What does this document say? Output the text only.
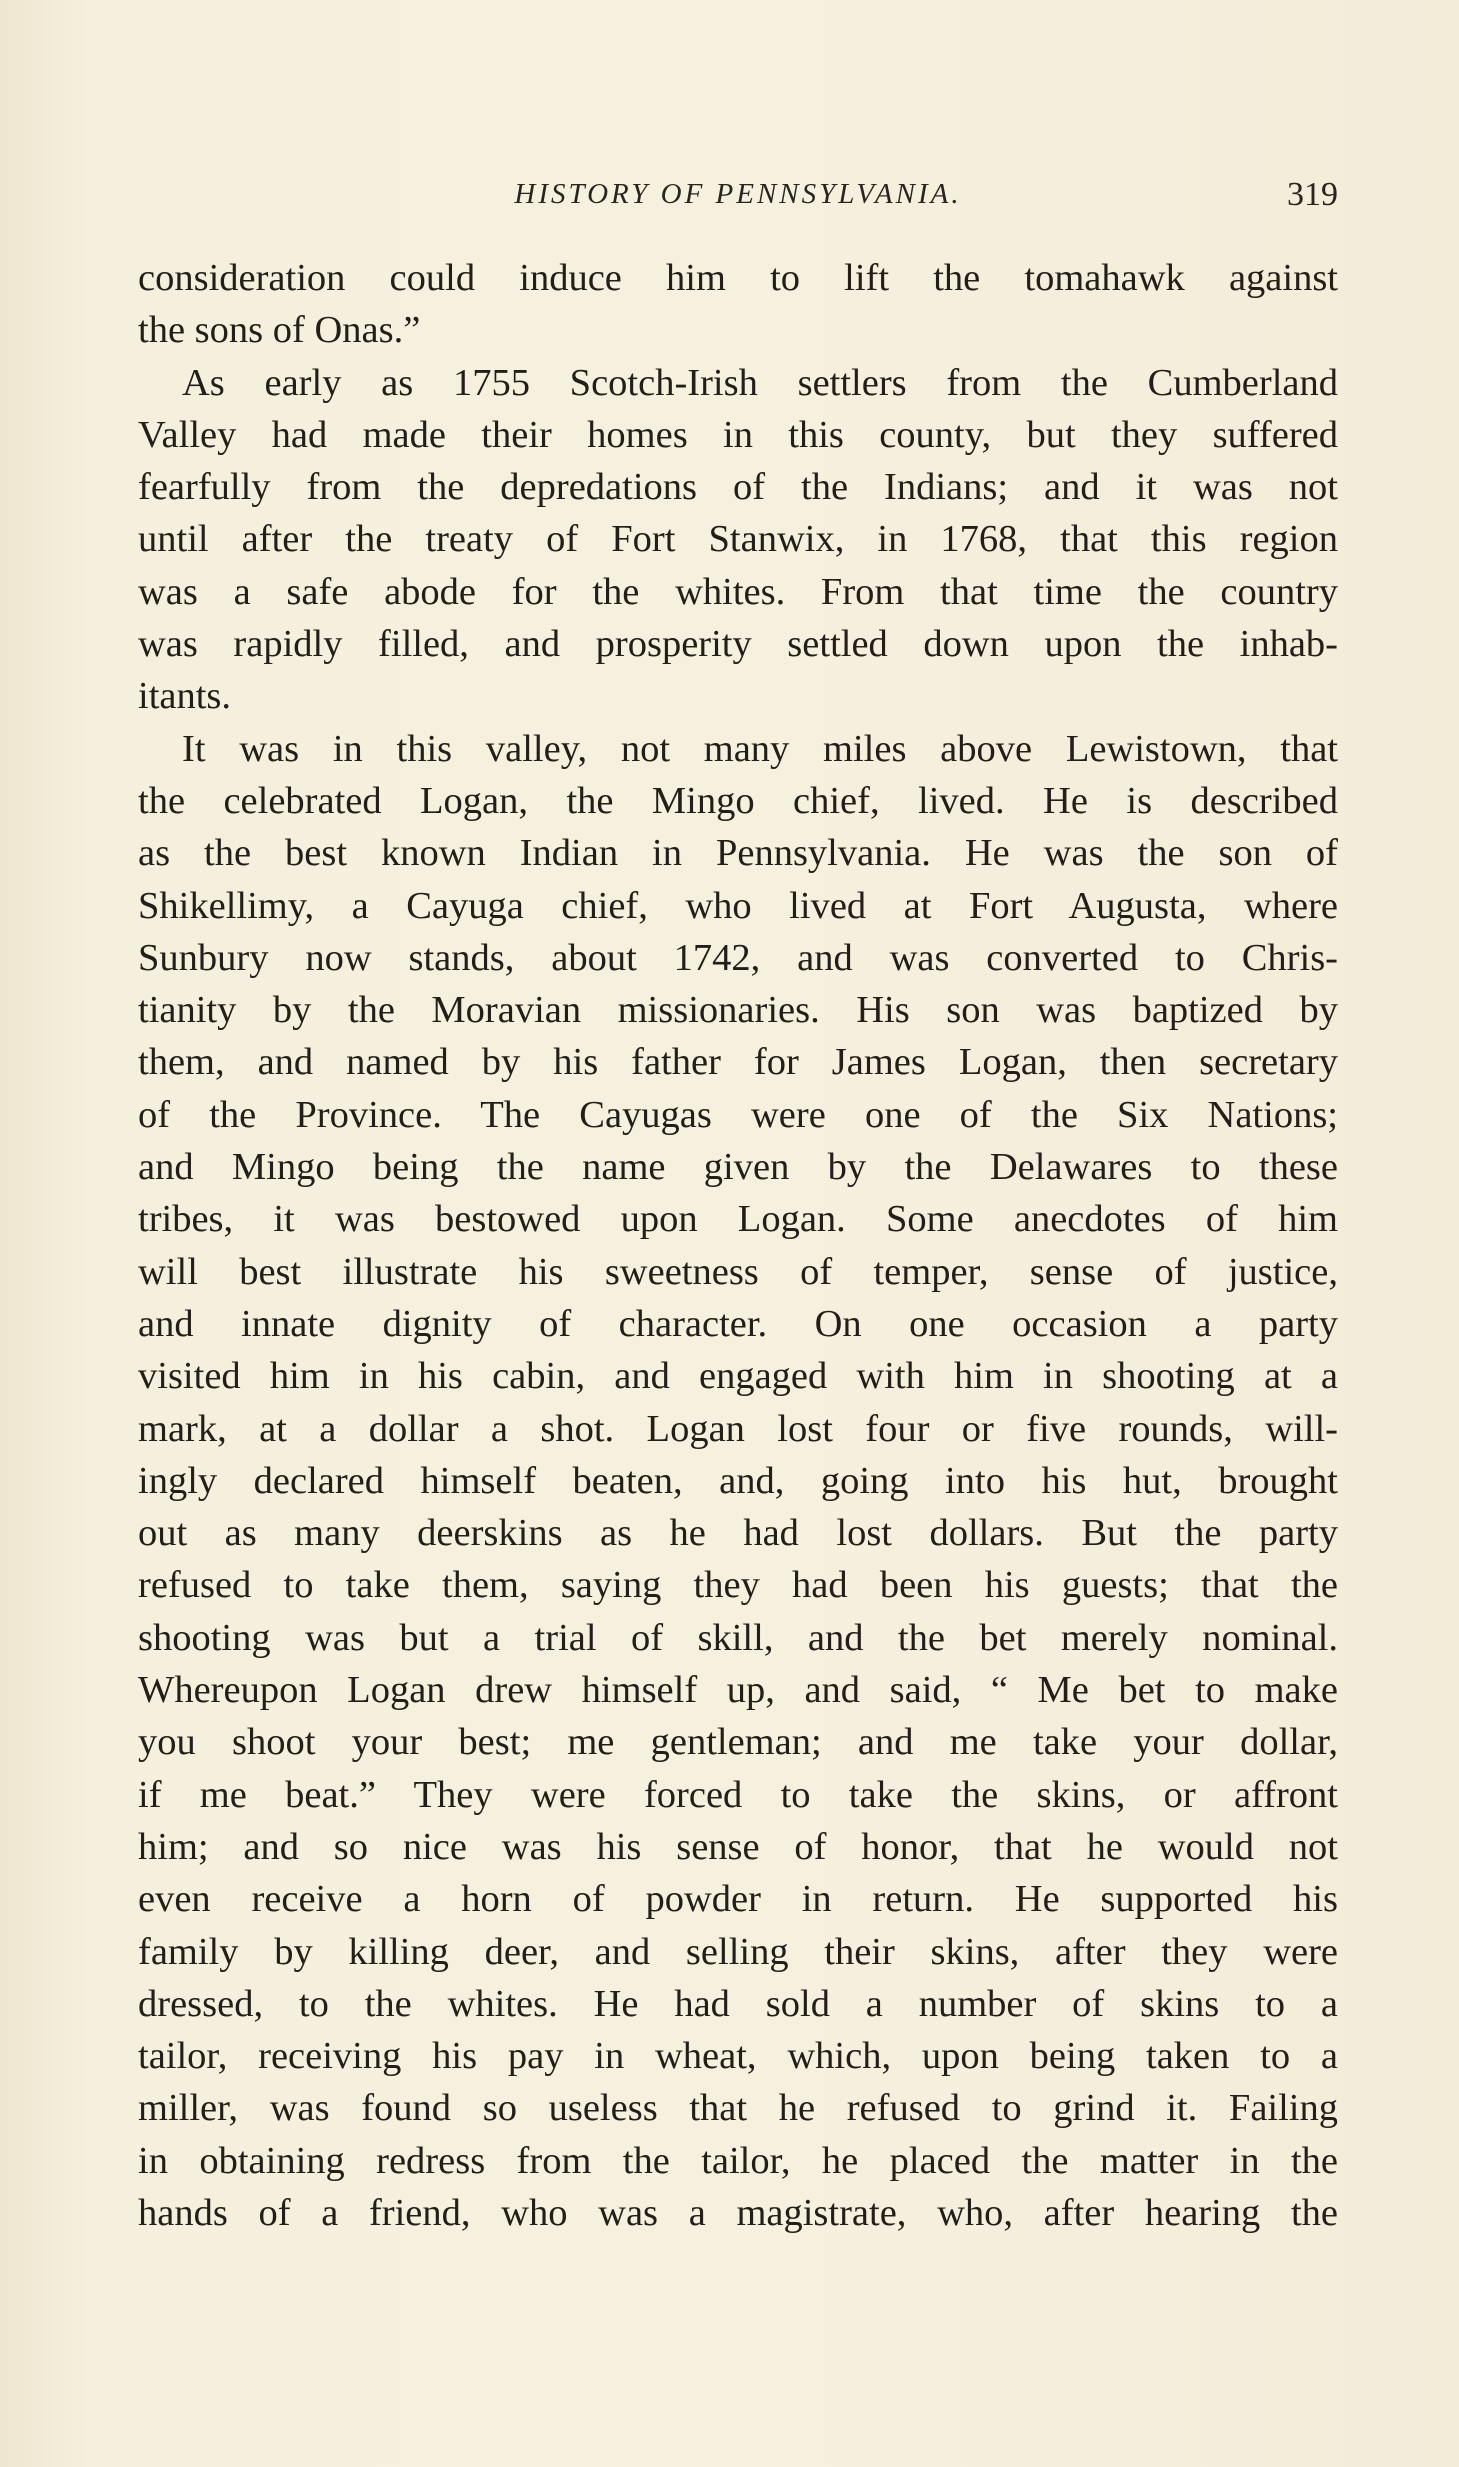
HISTORY OF PENNSYLVANIA.	319
consideration could induce him to lift the tomahawk against
the sons of Onas.”
As early as 1755 Scotch-Irish settlers from the Cumberland
Valley had made their homes in this county, but they suffered
fearfully from the depredations of the Indians; and it was not
until after the treaty of Fort Stanwix, in 1768, that this region
was a safe abode for the whites. From that time the country
was rapidly filled, and prosperity settled down upon the inhab-
itants.
It was in this valley, not many miles above Lewistown, that
the celebrated Logan, the Mingo chief, lived. He is described
as the best known Indian in Pennsylvania. He was the son of
Shikellimy, a Cayuga chief, who lived at Fort Augusta, where
Sunbury now stands, about 1742, and was converted to Chris-
tianity by the Moravian missionaries. His son was baptized by
them, and named by his father for James Logan, then secretary
of the Province. The Cayugas were one of the Six Nations;
and Mingo being the name given by the Delawares to these
tribes, it was bestowed upon Logan. Some anecdotes of him
will best illustrate his sweetness of temper, sense of justice,
and innate dignity of character. On one occasion a party
visited him in his cabin, and engaged with him in shooting at a
mark, at a dollar a shot. Logan lost four or five rounds, will-
ingly declared himself beaten, and, going into his hut, brought
out as many deerskins as he had lost dollars. But the party
refused to take them, saying they had been his guests; that the
shooting was but a trial of skill, and the bet merely nominal.
Whereupon Logan drew himself up, and said, “ Me bet to make
you shoot your best; me gentleman; and me take your dollar,
if me beat.” They were forced to take the skins, or affront
him; and so nice was his sense of honor, that he would not
even receive a horn of powder in return. He supported his
family by killing deer, and selling their skins, after they were
dressed, to the whites. He had sold a number of skins to a
tailor, receiving his pay in wheat, which, upon being taken to a
miller, was found so useless that he refused to grind it. Failing
in obtaining redress from the tailor, he placed the matter in the
hands of a friend, who was a magistrate, who, after hearing the
